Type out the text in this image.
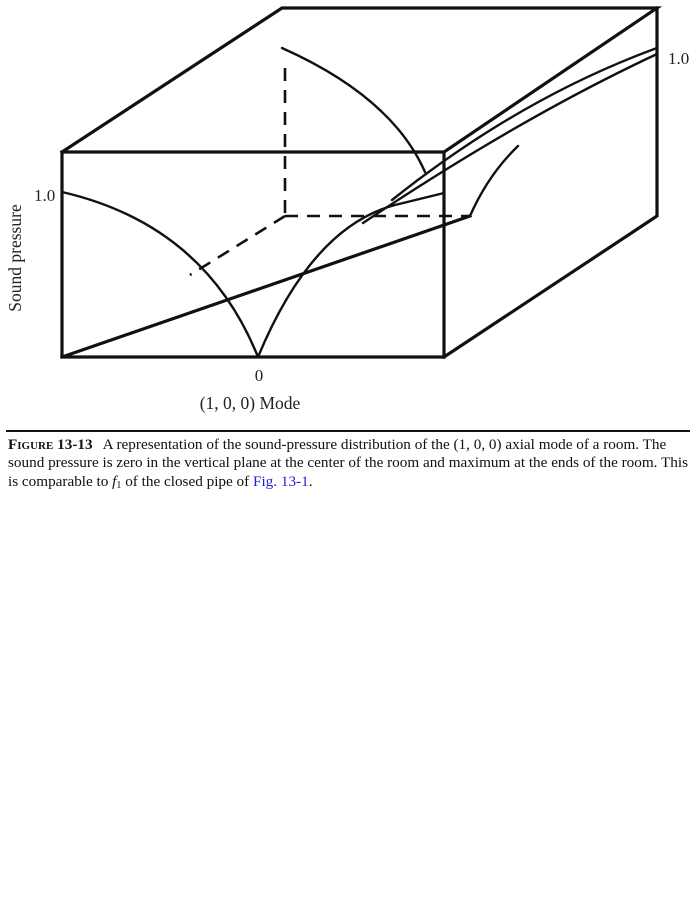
1.0
1.0
0
(1, 0, 0) Mode
Sound pressure
Figure 13-13 A representation of the sound-pressure distribution of the (1, 0, 0) axial mode of a room. The sound pressure is zero in the vertical plane at the center of the room and maximum at the ends of the room. This is comparable to $f_1$ of the closed pipe of Fig. 13-1.
